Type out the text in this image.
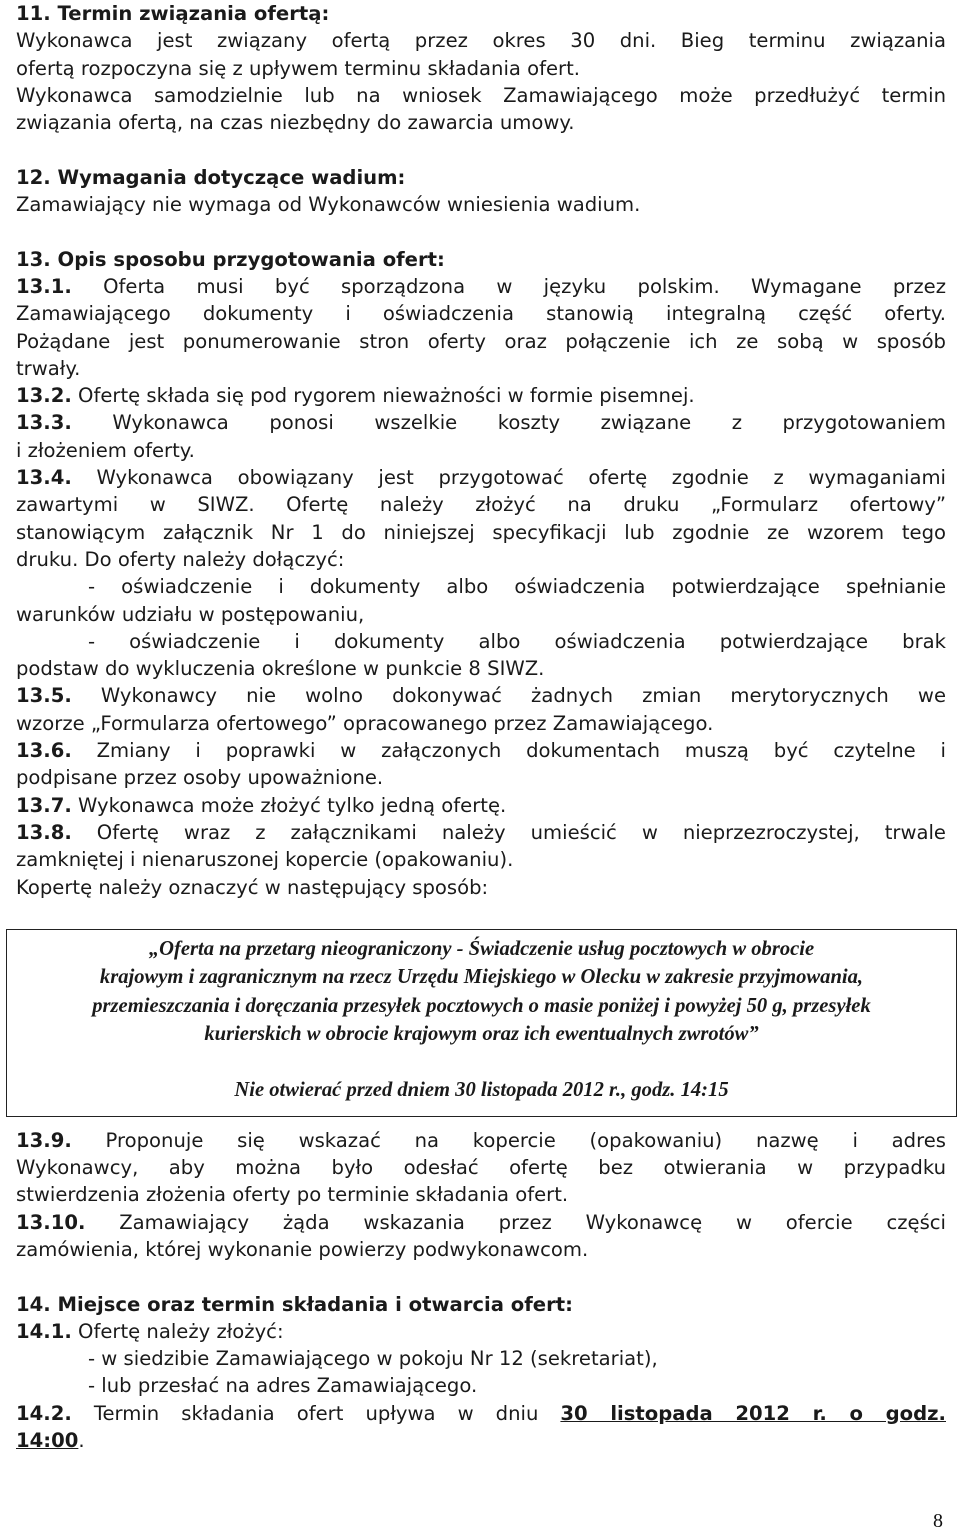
11. Termin związania ofertą:

Wykonawca jest związany ofertą przez okres 30 dni. Bieg terminu związania

ofertą rozpoczyna się z upływem terminu składania ofert.

Wykonawca samodzielnie lub na wniosek Zamawiającego może przedłużyć termin

związania ofertą, na czas niezbędny do zawarcia umowy.

12. Wymagania dotyczące wadium:

Zamawiający nie wymaga od Wykonawców wniesienia wadium.

13. Opis sposobu przygotowania ofert:

13.1. Oferta musi być sporządzona w języku polskim. Wymagane przez

Zamawiającego dokumenty i oświadczenia stanowią integralną część oferty.

Pożądane jest ponumerowanie stron oferty oraz połączenie ich ze sobą w sposób

trwały.

13.2. Ofertę składa się pod rygorem nieważności w formie pisemnej.

13.3. Wykonawca ponosi wszelkie koszty związane z przygotowaniem

i złożeniem oferty.

13.4. Wykonawca obowiązany jest przygotować ofertę zgodnie z wymaganiami

zawartymi w SIWZ. Ofertę należy złożyć na druku „Formularz ofertowy”

stanowiącym załącznik Nr 1 do niniejszej specyfikacji lub zgodnie ze wzorem tego

druku. Do oferty należy dołączyć:

- oświadczenie i dokumenty albo oświadczenia potwierdzające spełnianie

warunków udziału w postępowaniu,

- oświadczenie i dokumenty albo oświadczenia potwierdzające brak

podstaw do wykluczenia określone w punkcie 8 SIWZ.

13.5. Wykonawcy nie wolno dokonywać żadnych zmian merytorycznych we

wzorze „Formularza ofertowego” opracowanego przez Zamawiającego.

13.6. Zmiany i poprawki w załączonych dokumentach muszą być czytelne i

podpisane przez osoby upoważnione.

13.7. Wykonawca może złożyć tylko jedną ofertę.

13.8. Ofertę wraz z załącznikami należy umieścić w nieprzezroczystej, trwale

zamkniętej i nienaruszonej kopercie (opakowaniu).

Kopertę należy oznaczyć w następujący sposób:

13.9. Proponuje się wskazać na kopercie (opakowaniu) nazwę i adres

Wykonawcy, aby można było odesłać ofertę bez otwierania w przypadku

stwierdzenia złożenia oferty po terminie składania ofert.

13.10. Zamawiający żąda wskazania przez Wykonawcę w ofercie części

zamówienia, której wykonanie powierzy podwykonawcom.

14. Miejsce oraz termin składania i otwarcia ofert:

14.1. Ofertę należy złożyć:

- w siedzibie Zamawiającego w pokoju Nr 12 (sekretariat),

- lub przesłać na adres Zamawiającego.

14.2. Termin składania ofert upływa w dniu 30 listopada 2012 r. o godz.

14:00.

„Oferta na przetarg nieograniczony - Świadczenie usług pocztowych w obrocie
krajowym i zagranicznym na rzecz Urzędu Miejskiego w Olecku w zakresie przyjmowania,
przemieszczania i doręczania przesyłek pocztowych o masie poniżej i powyżej 50 g, przesyłek
kurierskich w obrocie krajowym oraz ich ewentualnych zwrotów”
Nie otwierać przed dniem 30 listopada 2012 r., godz. 14:15
8
